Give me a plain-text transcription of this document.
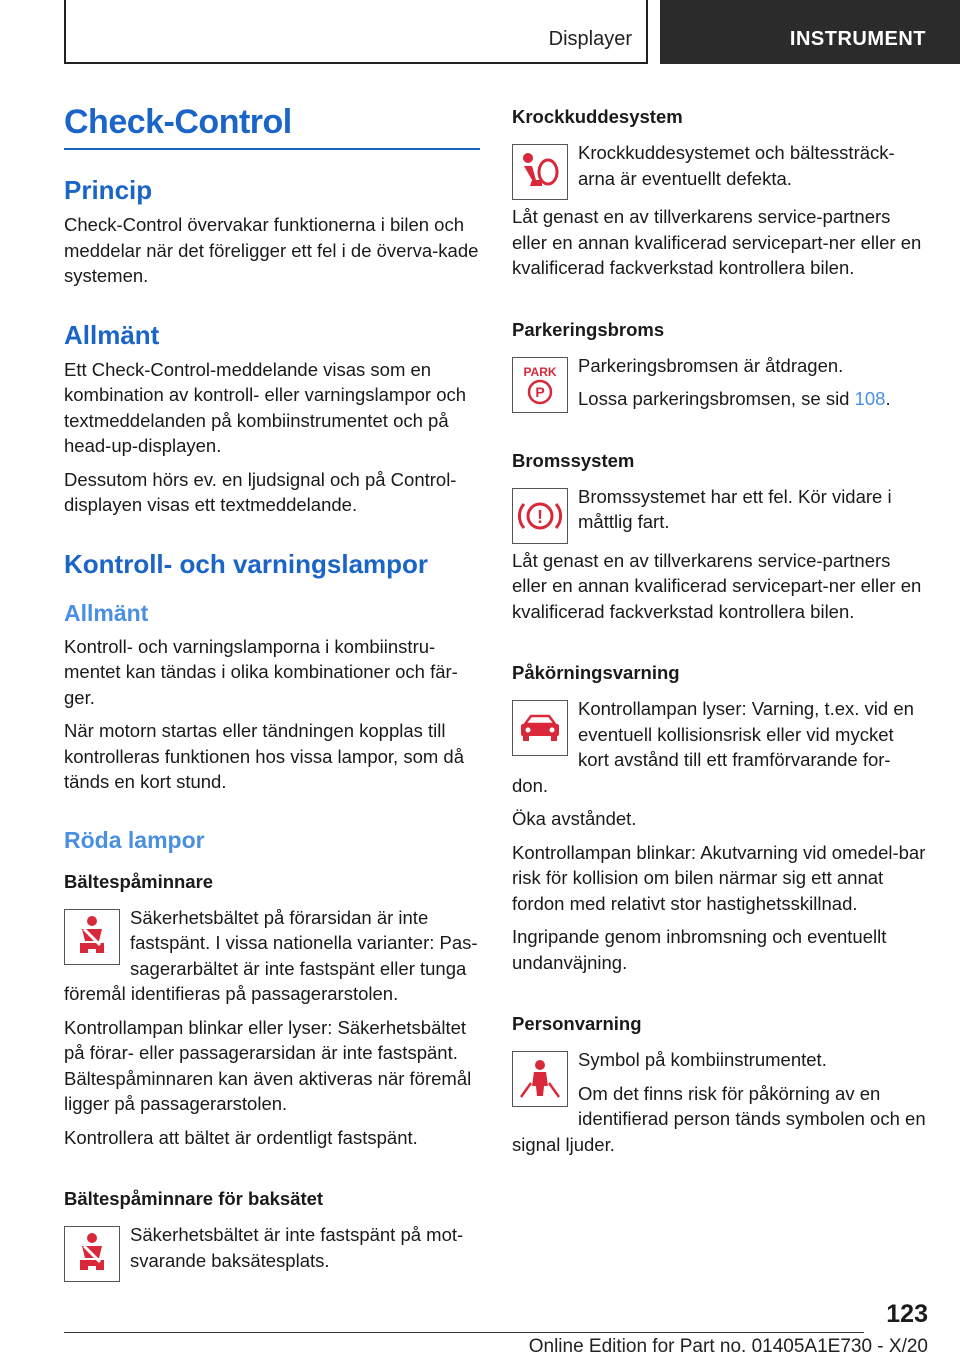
Displayer	INSTRUMENT
Check-Control
Princip

Check-Control övervakar funktionerna i bilen och meddelar när det föreligger ett fel i de överva-kade systemen.

Allmänt

Ett Check-Control-meddelande visas som en kombination av kontroll- eller varningslampor och textmeddelanden på kombiinstrumentet och på head-up-displayen.

Dessutom hörs ev. en ljudsignal och på Control-displayen visas ett textmeddelande.

Kontroll- och varningslampor
Allmänt

Kontroll- och varningslamporna i kombiinstru-mentet kan tändas i olika kombinationer och fär-ger.

När motorn startas eller tändningen kopplas till kontrolleras funktionen hos vissa lampor, som då tänds en kort stund.

Röda lampor
Bältespåminnare

Säkerhetsbältet på förarsidan är inte fastspänt. I vissa nationella varianter: Pas-sagerarbältet är inte fastspänt eller tunga föremål identifieras på passagerarstolen.

Kontrollampan blinkar eller lyser: Säkerhetsbältet på förar- eller passagerarsidan är inte fastspänt. Bältespåminnaren kan även aktiveras när föremål ligger på passagerarstolen.

Kontrollera att bältet är ordentligt fastspänt.

Bältespåminnare för baksätet

Säkerhetsbältet är inte fastspänt på mot-svarande baksätesplats.

Krockkuddesystem

Krockkuddesystemet och bältessträck-arna är eventuellt defekta.

Låt genast en av tillverkarens service-partners eller en annan kvalificerad servicepart-ner eller en kvalificerad fackverkstad kontrollera bilen.

Parkeringsbroms
PARK
P

Parkeringsbromsen är åtdragen.

Lossa parkeringsbromsen, se sid 108.

Bromssystem
!

Bromssystemet har ett fel. Kör vidare i måttlig fart.

Låt genast en av tillverkarens service-partners eller en annan kvalificerad servicepart-ner eller en kvalificerad fackverkstad kontrollera bilen.

Påkörningsvarning

Kontrollampan lyser: Varning, t.ex. vid en eventuell kollisionsrisk eller vid mycket kort avstånd till ett framförvarande for-don.

Öka avståndet.

Kontrollampan blinkar: Akutvarning vid omedel-bar risk för kollision om bilen närmar sig ett annat fordon med relativt stor hastighetsskillnad.

Ingripande genom inbromsning och eventuellt undanväjning.

Personvarning

Symbol på kombiinstrumentet.

Om det finns risk för påkörning av en identifierad person tänds symbolen och en signal ljuder.

123
Online Edition for Part no. 01405A1E730 - X/20
